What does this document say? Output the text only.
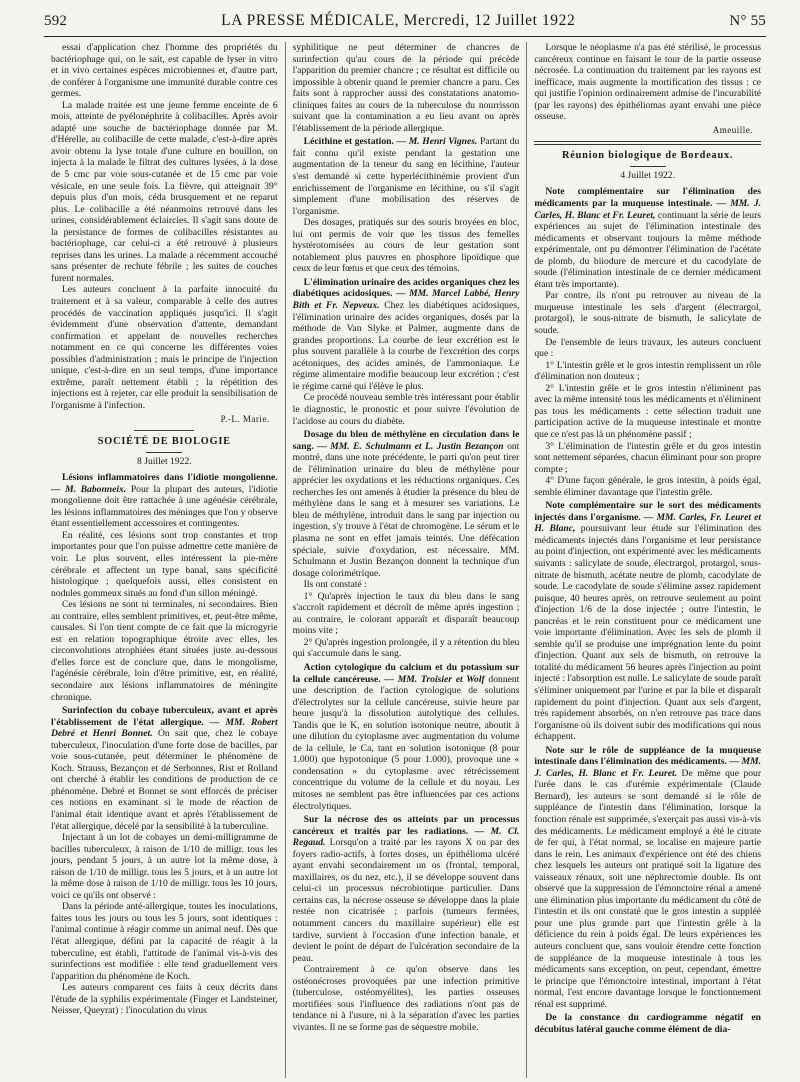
592	LA PRESSE MÉDICALE, Mercredi, 12 Juillet 1922	N° 55

essai d'application chez l'homme des propriétés du bactériophage qui, on le sait, est capable de lyser in vitro et in vivo certaines espèces microbiennes et, d'autre part, de conférer à l'organisme une immunité durable contre ces germes.

La malade traitée est une jeune femme enceinte de 6 mois, atteinte de pyélonéphrite à colibacilles. Après avoir adapté une souche de bactériophage donnée par M. d'Hérelle, au colibacille de cette malade, c'est-à-dire après avoir obtenu la lyse totale d'une culture en bouillon, on injecta à la malade le filtrat des cultures lysées, à la dose de 5 cmc par voie sous-cutanée et de 15 cmc par voie vésicale, en une seule fois. La fièvre, qui atteignait 39° depuis plus d'un mois, céda brusquement et ne reparut plus. Le colibacille a été néanmoins retrouvé dans les urines, considérablement éclaircies. Il s'agit sans doute de la persistance de formes de colibacilles résistantes au bactériophage, car celui-ci a été retrouvé à plusieurs reprises dans les urines. La malade a récemment accouché sans présenter de rechute fébrile ; les suites de couches furent normales.

Les auteurs concluent à la parfaite innocuité du traitement et à sa valeur, comparable à celle des autres procédés de vaccination appliqués jusqu'ici. Il s'agit évidemment d'une observation d'attente, demandant confirmation et appelant de nouvelles recherches notamment en ce qui concerne les différentes voies possibles d'administration ; mais le principe de l'injection unique, c'est-à-dire en un seul temps, d'une importance extrême, paraît nettement établi ; la répétition des injections est à rejeter, car elle produit la sensibilisation de l'organisme à l'infection.

P.-L. Marie.

SOCIÉTÉ DE BIOLOGIE

8 Juillet 1922.

Lésions inflammatoires dans l'idiotie mongolienne. — M. Babonneix. Pour la plupart des auteurs, l'idiotie mongolienne doit être rattachée à une agénésie cérébrale, les lésions inflammatoires des méninges que l'on y observe étant essentiellement accessoires et contingentes.

En réalité, ces lésions sont trop constantes et trop importantes pour que l'on puisse admettre cette manière de voir. Le plus souvent, elles intéressent la pie-mère cérébrale et affectent un type banal, sans spécificité histologique ; quelquefois aussi, elles consistent en nodules gommeux situés au fond d'un sillon méningé.

Ces lésions ne sont ni terminales, ni secondaires. Bien au contraire, elles semblent primitives, et, peut-être même, causales. Si l'on tient compte de ce fait que la microgyrie est en relation topographique étroite avec elles, les circonvolutions atrophiées étant situées juste au-dessous d'elles force est de conclure que, dans le mongolisme, l'agénésie cérébrale, loin d'être primitive, est, en réalité, secondaire aux lésions inflammatoires de méningite chronique.

Surinfection du cobaye tuberculeux, avant et après l'établissement de l'état allergique. — MM. Robert Debré et Henri Bonnet. On sait que, chez le cobaye tuberculeux, l'inoculation d'une forte dose de bacilles, par voie sous-cutanée, peut déterminer le phénomène de Koch. Strauss, Bezançon et de Serbonnes, Rist et Rolland ont cherché à établir les conditions de production de ce phénomène. Debré et Bonnet se sont efforcés de préciser ces notions en examinant si le mode de réaction de l'animal était identique avant et après l'établissement de l'état allergique, décelé par la sensibilité à la tuberculine.

Injectant à un lot de cobayes un demi-milligramme de bacilles tuberculeux, à raison de 1/10 de milligr. tous les jours, pendant 5 jours, à un autre lot la même dose, à raison de 1/10 de milligr. tous les 5 jours, et à un autre lot la même dose à raison de 1/10 de milligr. tous les 10 jours, voici ce qu'ils ont observé :

Dans la période anté-allergique, toutes les inoculations, faites tous les jours ou tous les 5 jours, sont identiques : l'animal continue à réagir comme un animal neuf. Dès que l'état allergique, défini par la capacité de réagir à la tuberculine, est établi, l'attitude de l'animal vis-à-vis des surinfections est modifiée : elle tend graduellement vers l'apparition du phénomène de Koch.

Les auteurs comparent ces faits à ceux décrits dans l'étude de la syphilis expérimentale (Finger et Landsteiner, Neisser, Queyrat) : l'inoculation du virus

syphilitique ne peut déterminer de chancres de surinfection qu'au cours de la période qui précède l'apparition du premier chancre ; ce résultat est difficile ou impossible à obtenir quand le premier chancre a paru. Ces faits sont à rapprocher aussi des constatations anatomo-cliniques faites au cours de la tuberculose du nourrisson suivant que la contamination a eu lieu avant ou après l'établissement de la période allergique.

Lécithine et gestation. — M. Henri Vignes. Partant du fait connu qu'il existe pendant la gestation une augmentation de la teneur du sang en lécithine, l'auteur s'est demandé si cette hyperlécithinémie provient d'un enrichissement de l'organisme en lécithine, ou s'il s'agit simplement d'une mobilisation des réserves de l'organisme.

Des dosages, pratiqués sur des souris broyées en bloc, lui ont permis de voir que les tissus des femelles hystérotomisées au cours de leur gestation sont notablement plus pauvres en phosphore lipoïdique que ceux de leur fœtus et que ceux des témoins.

L'élimination urinaire des acides organiques chez les diabétiques acidosiques. — MM. Marcel Labbé, Henry Bith et Fr. Nepveux. Chez les diabétiques acidosiques, l'élimination urinaire des acides organiques, dosés par la méthode de Van Slyke et Palmer, augmente dans de grandes proportions. La courbe de leur excrétion est le plus souvent parallèle à la courbe de l'excrétion des corps acétoniques, des acides aminés, de l'ammoniaque. Le régime alimentaire modifie beaucoup leur excrétion ; c'est le régime carné qui l'élève le plus.

Ce procédé nouveau semble très intéressant pour établir le diagnostic, le pronostic et pour suivre l'évolution de l'acidose au cours du diabète.

Dosage du bleu de méthylène en circulation dans le sang. — MM. E. Schulmann et L. Justin Bezançon ont montré, dans une note précédente, le parti qu'on peut tirer de l'élimination urinaire du bleu de méthylène pour apprécier les oxydations et les réductions organiques. Ces recherches les ont amenés à étudier la présence du bleu de méthylène dans le sang et à mesurer ses variations. Le bleu de méthylène, introduit dans le sang par injection ou ingestion, s'y trouve à l'état de chromogène. Le sérum et le plasma ne sont en effet jamais teintés. Une défécation spéciale, suivie d'oxydation, est nécessaire. MM. Schulmann et Justin Bezançon donnent la technique d'un dosage colorimétrique.

Ils ont constaté :

1° Qu'après injection le taux du bleu dans le sang s'accroît rapidement et décroît de même après ingestion ; au contraire, le colorant apparaît et disparaît beaucoup moins vite ;

2° Qu'après ingestion prolongée, il y a rétention du bleu qui s'accumule dans le sang.

Action cytologique du calcium et du potassium sur la cellule cancéreuse. — MM. Troisier et Wolf donnent une description de l'action cytologique de solutions d'électrolytes sur la cellule cancéreuse, suivie heure par heure jusqu'à la dissolution autolytique des cellules. Tandis que le K, en solution isotonique neutre, aboutit à une dilution du cytoplasme avec augmentation du volume de la cellule, le Ca, tant en solution isotonique (8 pour 1.000) que hypotonique (5 pour 1.000), provoque une « condensation » du cytoplasme avec rétrécissement concentrique du volume de la cellule et du noyau. Les mitoses ne semblent pas être influencées par ces actions électrolytiques.

Sur la nécrose des os atteints par un processus cancéreux et traités par les radiations. — M. Cl. Regaud. Lorsqu'on a traité par les rayons X ou par des foyers radio-actifs, à fortes doses, un épithélioma ulcéré ayant envahi secondairement un os (frontal, temporal, maxillaires, os du nez, etc.), il se développe souvent dans celui-ci un processus nécrobiotique particulier. Dans certains cas, la nécrose osseuse se développe dans la plaie restée non cicatrisée ; parfois (tumeurs fermées, notamment cancers du maxillaire supérieur) elle est tardive, survient à l'occasion d'une infection banale, et devient le point de départ de l'ulcération secondaire de la peau.

Contrairement à ce qu'on observe dans les ostéonécroses provoquées par une infection primitive (tuberculose, ostéomyélites), les parties osseuses mortifiées sous l'influence des radiations n'ont pas de tendance ni à l'usure, ni à la séparation d'avec les parties vivantes. Il ne se forme pas de séquestre mobile.

Lorsque le néoplasme n'a pas été stérilisé, le processus cancéreux continue en faisant le tour de la partie osseuse nécrosée. La continuation du traitement par les rayons est inefficace, mais augmente la mortification des tissus : ce qui justifie l'opinion ordinairement admise de l'incurabilité (par les rayons) des épithéliomas ayant envahi une pièce osseuse.

Ameuille.

Réunion biologique de Bordeaux.

4 Juillet 1922.

Note complémentaire sur l'élimination des médicaments par la muqueuse intestinale. — MM. J. Carles, H. Blanc et Fr. Leuret, continuant la série de leurs expériences au sujet de l'élimination intestinale des médicaments et observant toujours la même méthode expérimentale, ont pu démontrer l'élimination de l'acétate de plomb, du biiodure de mercure et du cacodylate de soude (l'élimination intestinale de ce dernier médicament étant très importante).

Par contre, ils n'ont pu retrouver au niveau de la muqueuse intestinale les sels d'argent (électrargol, protargol), le sous-nitrate de bismuth, le salicylate de soude.

De l'ensemble de leurs travaux, les auteurs concluent que :

1° L'intestin grêle et le gros intestin remplissent un rôle d'élimination non douteux ;

2° L'intestin grêle et le gros intestin n'éliminent pas avec la même intensité tous les médicaments et n'éliminent pas tous les médicaments : cette sélection traduit une participation active de la muqueuse intestinale et montre que ce n'est pas là un phénomène passif ;

3° L'élimination de l'intestin grêle et du gros intestin sont nettement séparées, chacun éliminant pour son propre compte ;

4° D'une façon générale, le gros intestin, à poids égal, semble éliminer davantage que l'intestin grêle.

Note complémentaire sur le sort des médicaments injectés dans l'organisme. — MM. Carles, Fr. Leuret et H. Blanc, poursuivant leur étude sur l'élimination des médicaments injectés dans l'organisme et leur persistance au point d'injection, ont expérimenté avec les médicaments suivants : salicylate de soude, électrargol, protargol, sous-nitrate de bismuth, acétate neutre de plomb, cacodylate de soude. Le cacodylate de soude s'élimine assez rapidement puisque, 40 heures après, on retrouve seulement au point d'injection 1/6 de la dose injectée ; outre l'intestin, le pancréas et le rein constituent pour ce médicament une voie importante d'élimination. Avec les sels de plomb il semble qu'il se produise une imprégnation lente du point d'injection. Quant aux sels de bismuth, on retrouve la totalité du médicament 56 heures après l'injection au point injecté : l'absorption est nulle. Le salicylate de soude paraît s'éliminer uniquement par l'urine et par la bile et disparaît rapidement du point d'injection. Quant aux sels d'argent, très rapidement absorbés, on n'en retrouve pas trace dans l'organisme où ils doivent subir des modifications qui nous échappent.

Note sur le rôle de suppléance de la muqueuse intestinale dans l'élimination des médicaments. — MM. J. Carles, H. Blanc et Fr. Leuret. De même que pour l'urée dans le cas d'urémie expérimentale (Claude Bernard), les auteurs se sont demandé si le rôle de suppléance de l'intestin dans l'élimination, lorsque la fonction rénale est supprimée, s'exerçait pas aussi vis-à-vis des médicaments. Le médicament employé a été le citrate de fer qui, à l'état normal, se localise en majeure partie dans le rein. Les animaux d'expérience ont été des chiens chez lesquels les auteurs ont pratiqué soit la ligature des vaisseaux rénaux, soit une néphrectomie double. Ils ont observé que la suppression de l'émonctoire rénal a amené une élimination plus importante du médicament du côté de l'intestin et ils ont constaté que le gros intestin a suppléé pour une plus grande part que l'intestin grêle à la déficience du rein à poids égal. De leurs expériences les auteurs concluent que, sans vouloir étendre cette fonction de suppléance de la muqueuse intestinale à tous les médicaments sans exception, on peut, cependant, émettre le principe que l'émonctoire intestinal, important à l'état normal, l'est encore davantage lorsque le fonctionnement rénal est supprimé.

De la constance du cardiogramme négatif en décubitus latéral gauche comme élément de dia-
